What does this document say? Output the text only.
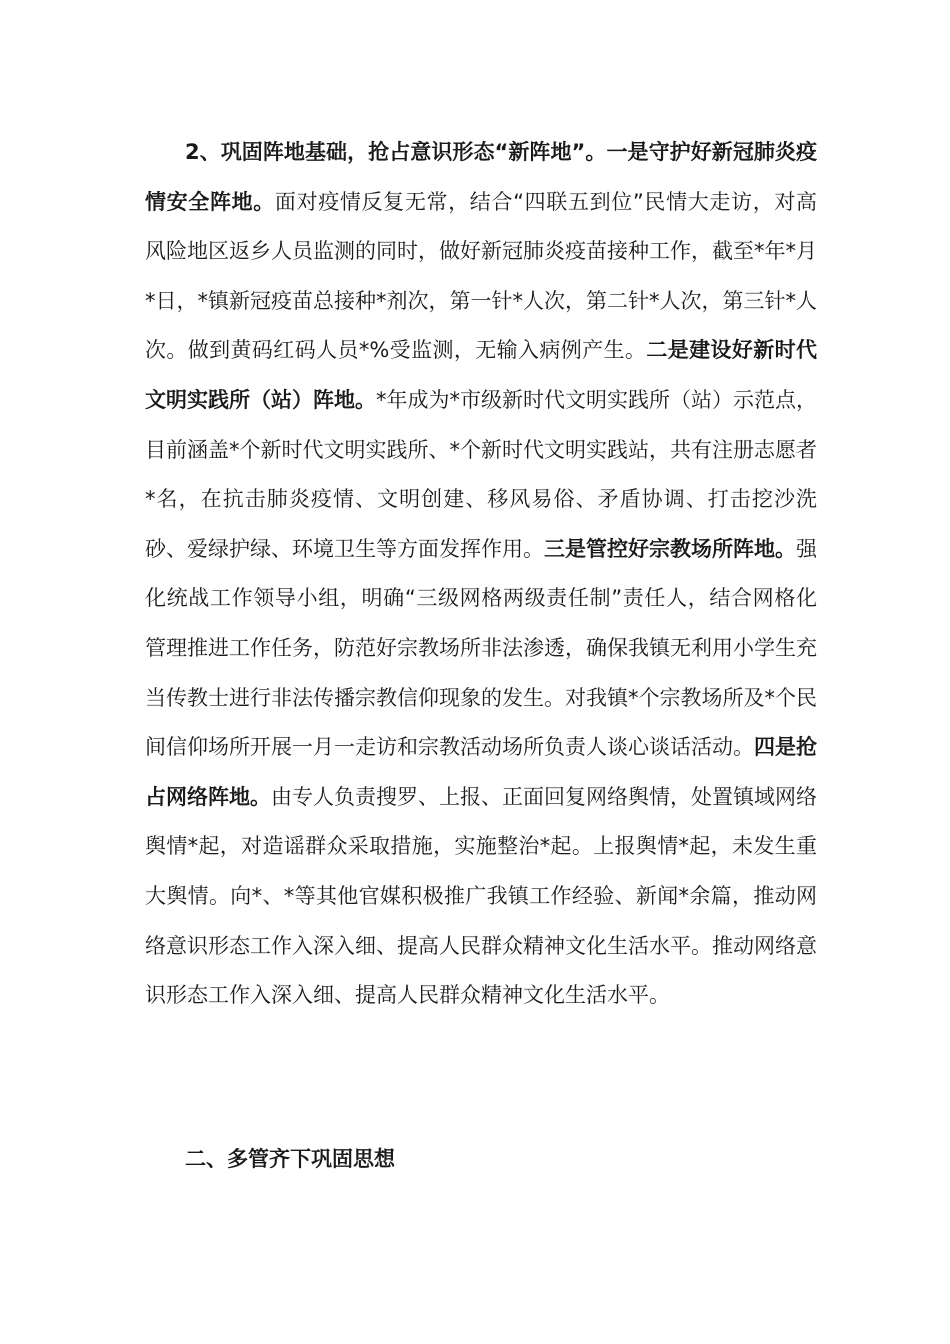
2、巩固阵地基础，抢占意识形态“新阵地”。一是守护好新冠肺炎疫情安全阵地。面对疫情反复无常，结合“四联五到位”民情大走访，对高风险地区返乡人员监测的同时，做好新冠肺炎疫苗接种工作，截至*年*月*日，*镇新冠疫苗总接种*剂次，第一针*人次，第二针*人次，第三针*人次。做到黄码红码人员*%受监测，无输入病例产生。二是建设好新时代文明实践所（站）阵地。*年成为*市级新时代文明实践所（站）示范点，目前涵盖*个新时代文明实践所、*个新时代文明实践站，共有注册志愿者*名，在抗击肺炎疫情、文明创建、移风易俗、矛盾协调、打击挖沙洗砂、爱绿护绿、环境卫生等方面发挥作用。三是管控好宗教场所阵地。强化统战工作领导小组，明确“三级网格两级责任制”责任人，结合网格化管理推进工作任务，防范好宗教场所非法渗透，确保我镇无利用小学生充当传教士进行非法传播宗教信仰现象的发生。对我镇*个宗教场所及*个民间信仰场所开展一月一走访和宗教活动场所负责人谈心谈话活动。四是抢占网络阵地。由专人负责搜罗、上报、正面回复网络舆情，处置镇域网络舆情*起，对造谣群众采取措施，实施整治*起。上报舆情*起，未发生重大舆情。向*、*等其他官媒积极推广我镇工作经验、新闻*余篇，推动网络意识形态工作入深入细、提高人民群众精神文化生活水平。推动网络意识形态工作入深入细、提高人民群众精神文化生活水平。

二、多管齐下巩固思想
